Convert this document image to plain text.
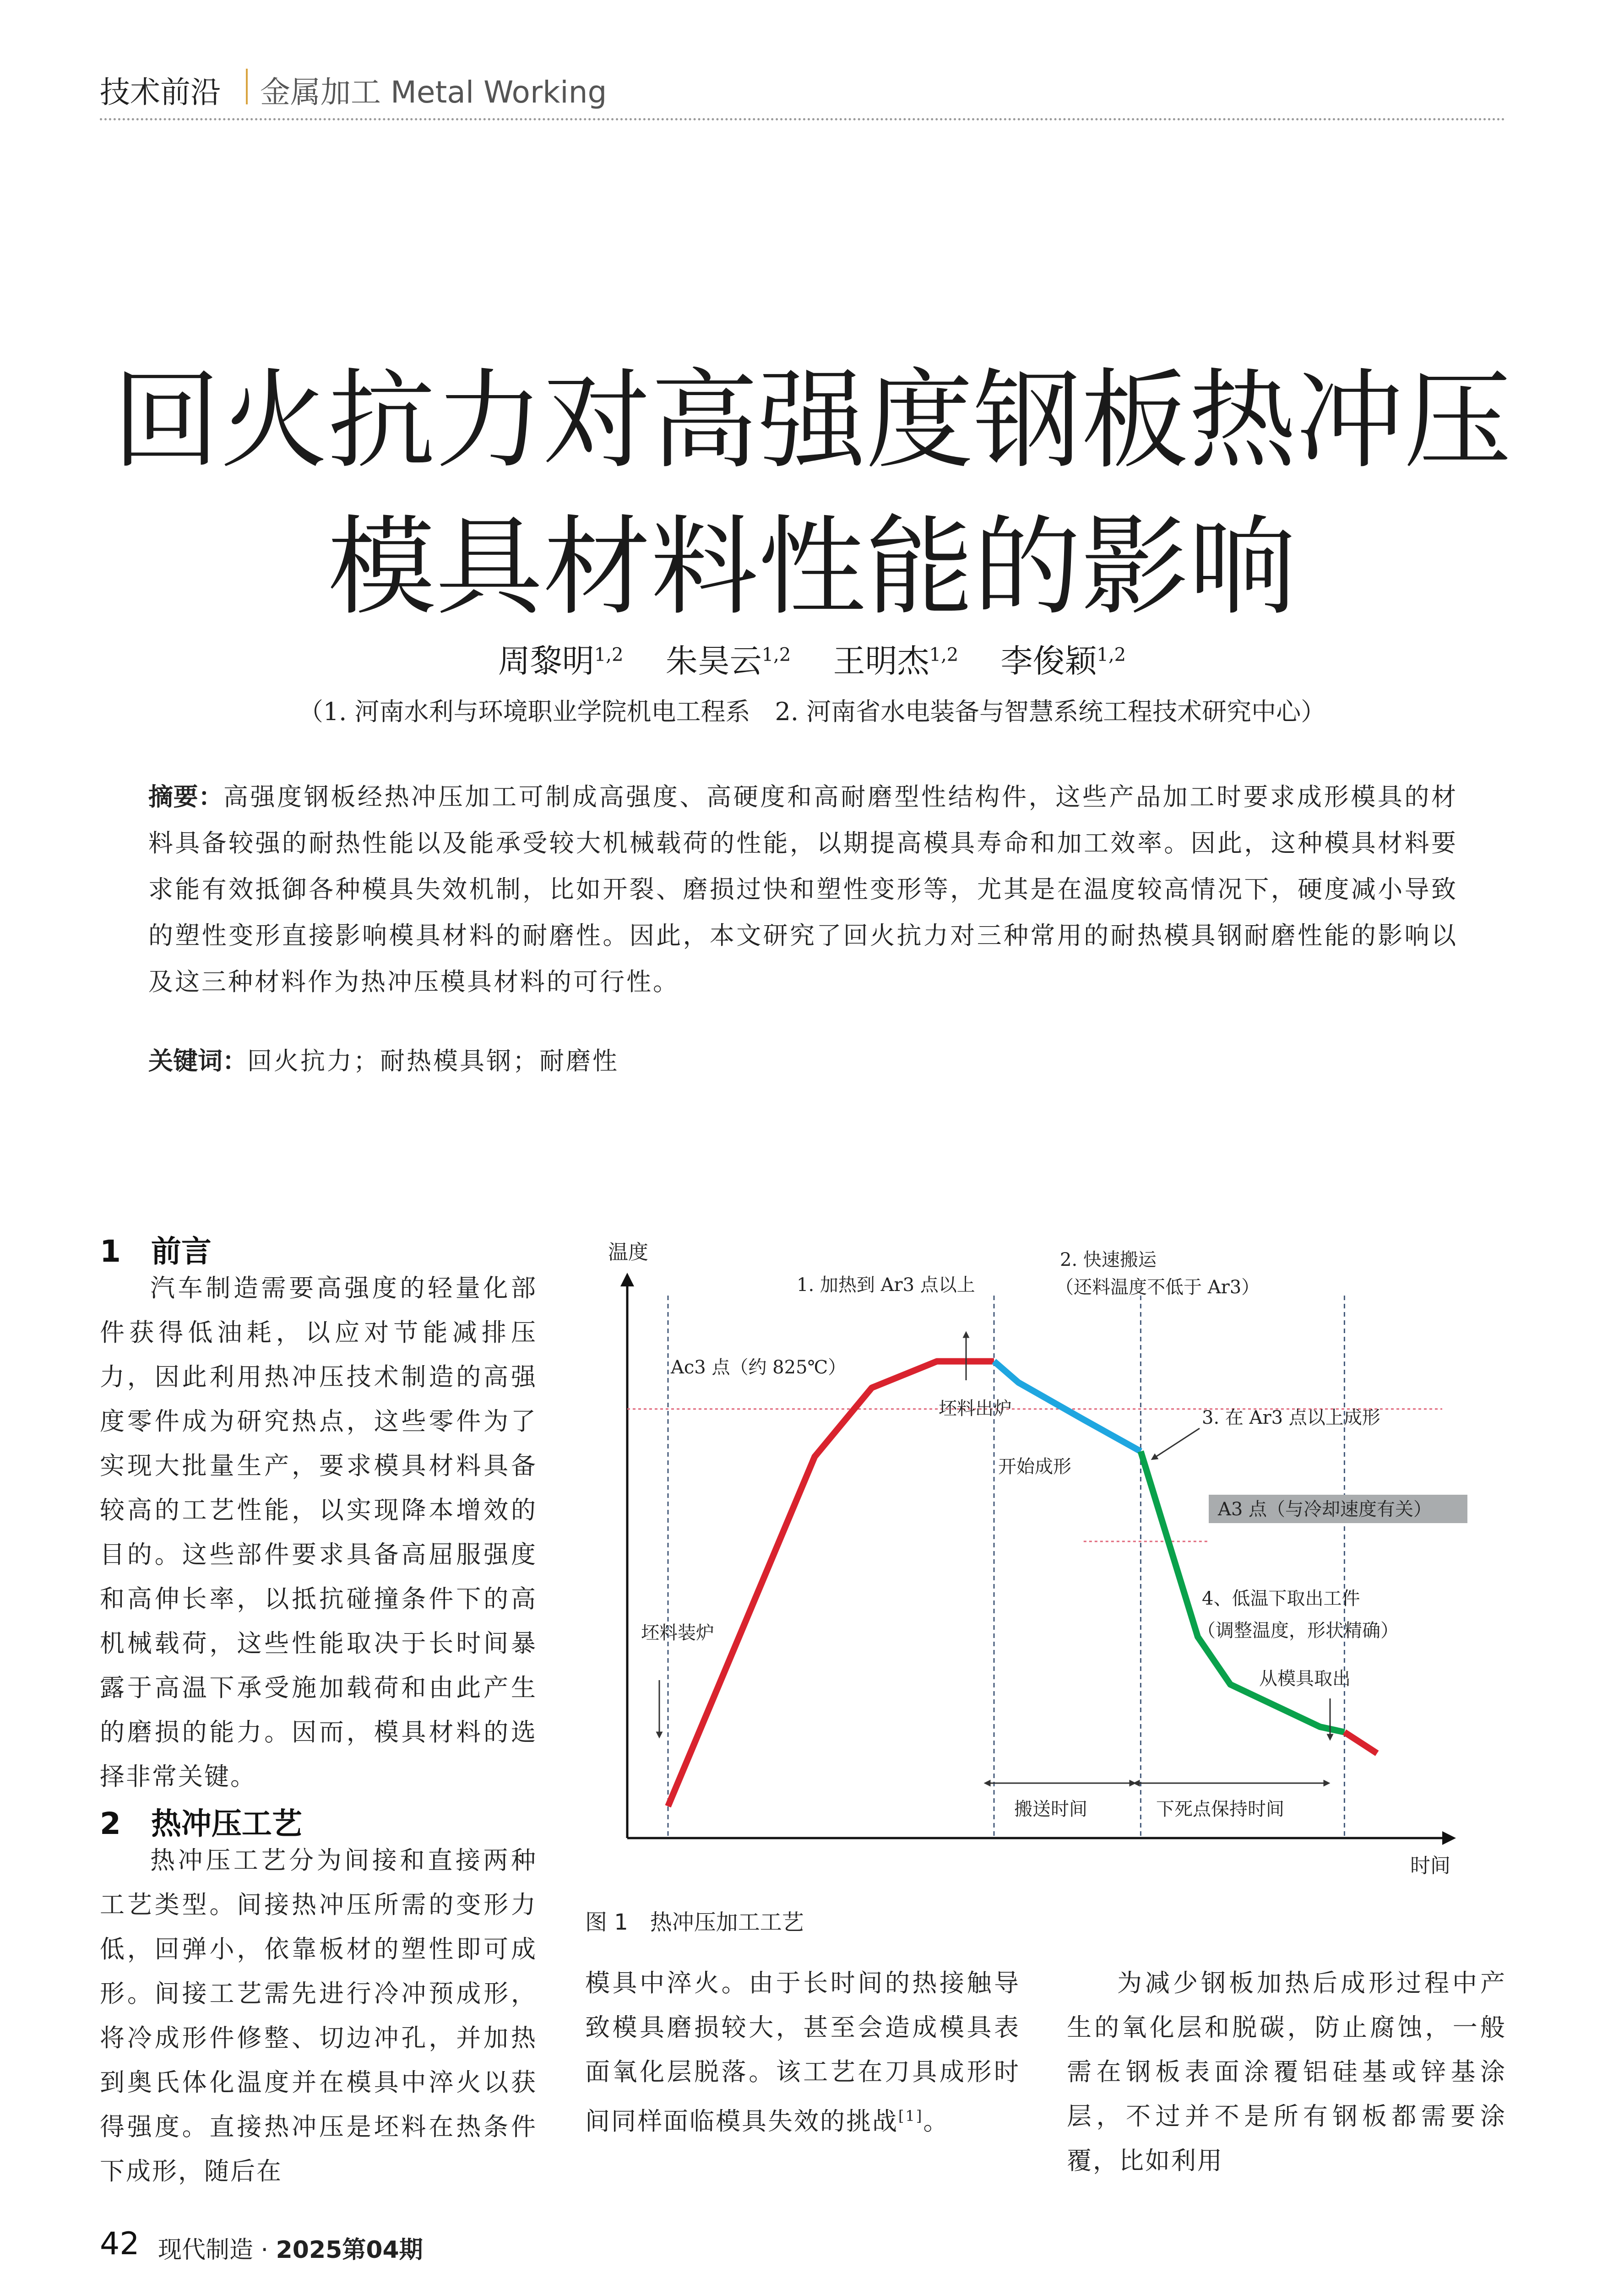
技术前沿 金属加工 Metal Working
回火抗力对高强度钢板热冲压
模具材料性能的影响
周黎明$^{1,2}$  朱昊云$^{1,2}$  王明杰$^{1,2}$  李俊颖$^{1,2}$
（1. 河南水利与环境职业学院机电工程系　2. 河南省水电装备与智慧系统工程技术研究中心）
摘要：高强度钢板经热冲压加工可制成高强度、高硬度和高耐磨型性结构件，这些产品加工时要求成形模具的材料具备较强的耐热性能以及能承受较大机械载荷的性能，以期提高模具寿命和加工效率。因此，这种模具材料要求能有效抵御各种模具失效机制，比如开裂、磨损过快和塑性变形等，尤其是在温度较高情况下，硬度减小导致的塑性变形直接影响模具材料的耐磨性。因此，本文研究了回火抗力对三种常用的耐热模具钢耐磨性能的影响以及这三种材料作为热冲压模具材料的可行性。
关键词：回火抗力；耐热模具钢；耐磨性
1　前言
汽车制造需要高强度的轻量化部件获得低油耗，以应对节能减排压力，因此利用热冲压技术制造的高强度零件成为研究热点，这些零件为了实现大批量生产，要求模具材料具备较高的工艺性能，以实现降本增效的目的。这些部件要求具备高屈服强度和高伸长率，以抵抗碰撞条件下的高机械载荷，这些性能取决于长时间暴露于高温下承受施加载荷和由此产生的磨损的能力。因而，模具材料的选择非常关键。
2　热冲压工艺
热冲压工艺分为间接和直接两种工艺类型。间接热冲压所需的变形力低，回弹小，依靠板材的塑性即可成形。间接工艺需先进行冷冲预成形，将冷成形件修整、切边冲孔，并加热到奥氏体化温度并在模具中淬火以获得强度。直接热冲压是坯料在热条件下成形，随后在
温度
时间
1. 加热到 Ar3 点以上
2. 快速搬运
（还料温度不低于 Ar3）
Ac3 点（约 825℃）
坯料出炉
开始成形
3. 在 Ar3 点以上成形
A3 点（与冷却速度有关）
4、低温下取出工件
（调整温度，形状精确）
从模具取出
坯料装炉
搬送时间	下死点保持时间
图 1　热冲压加工工艺
模具中淬火。由于长时间的热接触导致模具磨损较大，甚至会造成模具表面氧化层脱落。该工艺在刀具成形时间同样面临模具失效的挑战[1]。
为减少钢板加热后成形过程中产生的氧化层和脱碳，防止腐蚀，一般需在钢板表面涂覆铝硅基或锌基涂层，不过并不是所有钢板都需要涂覆，比如利用
42 现代制造 · 2025第04期
